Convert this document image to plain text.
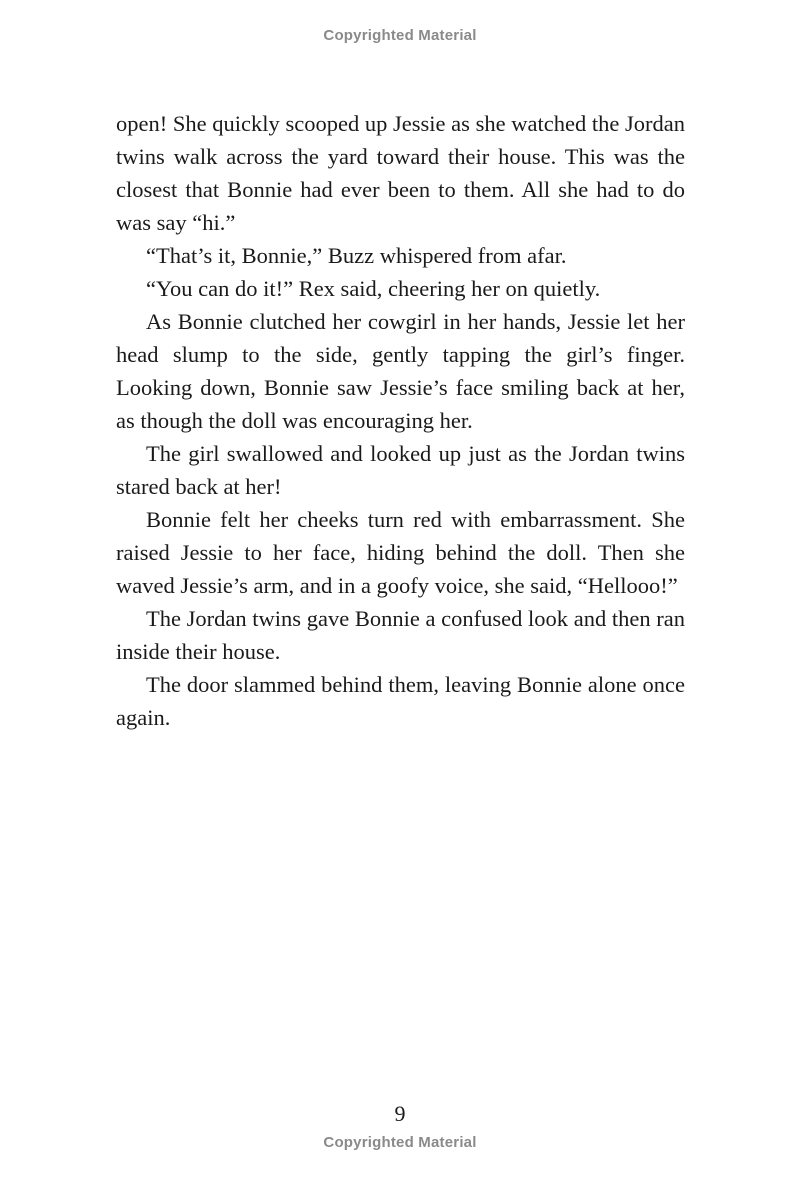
Copyrighted Material

open! She quickly scooped up Jessie as she watched the Jordan twins walk across the yard toward their house. This was the closest that Bonnie had ever been to them. All she had to do was say “hi.”

“That’s it, Bonnie,” Buzz whispered from afar.

“You can do it!” Rex said, cheering her on quietly.

As Bonnie clutched her cowgirl in her hands, Jessie let her head slump to the side, gently tapping the girl’s finger. Looking down, Bonnie saw Jessie’s face smiling back at her, as though the doll was encouraging her.

The girl swallowed and looked up just as the Jordan twins stared back at her!

Bonnie felt her cheeks turn red with embarrassment. She raised Jessie to her face, hiding behind the doll. Then she waved Jessie’s arm, and in a goofy voice, she said, “Hellooo!”

The Jordan twins gave Bonnie a confused look and then ran inside their house.

The door slammed behind them, leaving Bonnie alone once again.

9
Copyrighted Material
